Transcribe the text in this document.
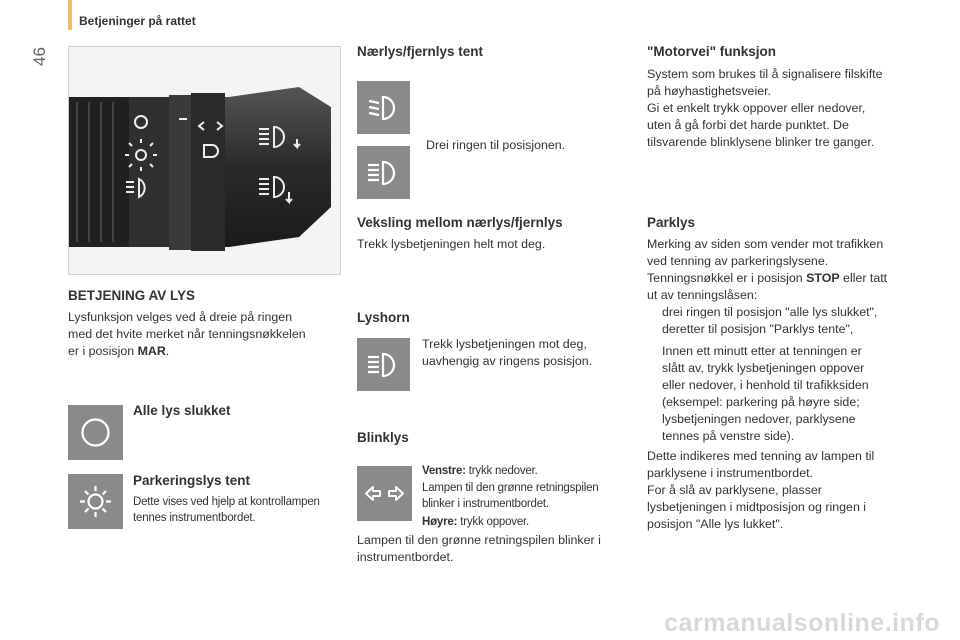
Betjeninger på rattet
46
BETJENING AV LYS

Lysfunksjon velges ved å dreie på ringen
med det hvite merket når tenningsnøkkelen
er i posisjon MAR.

Alle lys slukket
Parkeringslys tent

Dette vises ved hjelp at kontrollampen
tennes instrumentbordet.

Nærlys/fjernlys tent

Drei ringen til posisjonen.

Veksling mellom nærlys/fjernlys

Trekk lysbetjeningen helt mot deg.

Lyshorn

Trekk lysbetjeningen mot deg,
uavhengig av ringens posisjon.

Blinklys

Venstre: trykk nedover.

Lampen til den grønne retningspilen
blinker i instrumentbordet.

Høyre: trykk oppover.

Lampen til den grønne retningspilen blinker i
instrumentbordet.

"Motorvei" funksjon

System som brukes til å signalisere filskifte
på høyhastighetsveier.
Gi et enkelt trykk oppover eller nedover,
uten å gå forbi det harde punktet. De
tilsvarende blinklysene blinker tre ganger.

Parklys

Merking av siden som vender mot trafikken
ved tenning av parkeringslysene.
Tenningsnøkkel er i posisjon STOP eller tatt
ut av tenningslåsen:

drei ringen til posisjon "alle lys slukket",
deretter til posisjon "Parklys tente",
Innen ett minutt etter at tenningen er
slått av, trykk lysbetjeningen oppover
eller nedover, i henhold til trafikksiden
(eksempel: parkering på høyre side;
lysbetjeningen nedover, parklysene
tennes på venstre side).

Dette indikeres med tenning av lampen til
parklysene i instrumentbordet.
For å slå av parklysene, plasser
lysbetjeningen i midtposisjon og ringen i
posisjon "Alle lys lukket".

carmanualsonline.info
